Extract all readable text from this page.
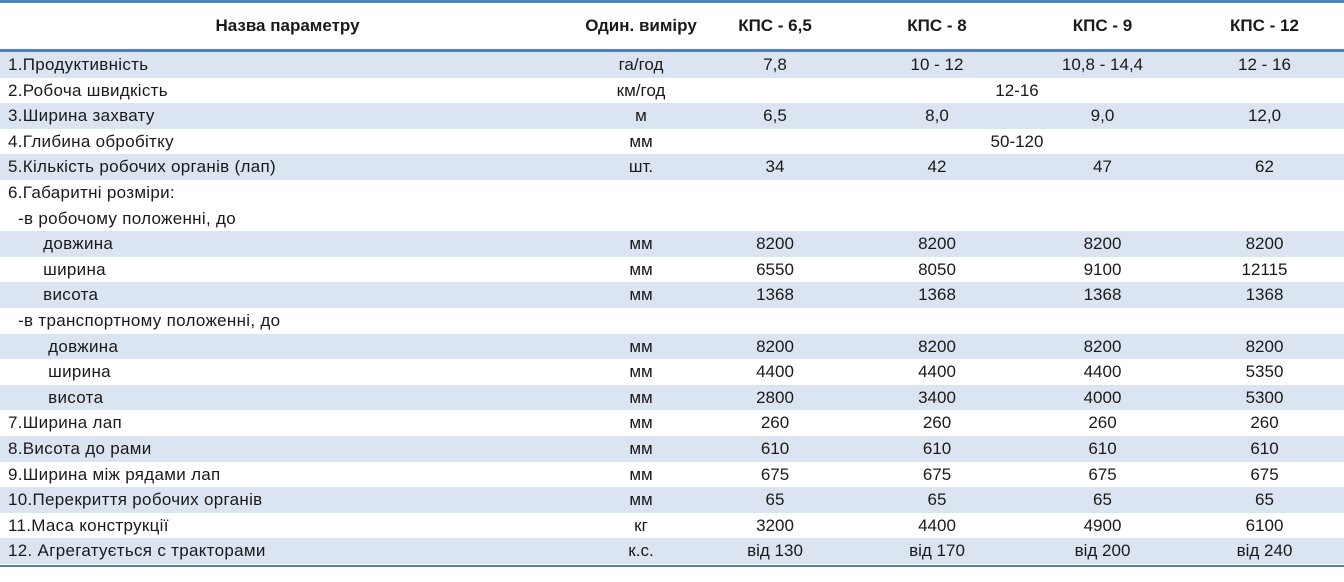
Назва параметру	Один. виміру	КПС - 6,5	КПС - 8	КПС - 9	КПС - 12
1.Продуктивність	га/год	7,8	10 - 12	10,8 - 14,4	12 - 16
2.Робоча швидкість	км/год	12-16
3.Ширина захвату	м	6,5	8,0	9,0	12,0
4.Глибина обробітку	мм	50-120
5.Кількість робочих органів (лап)	шт.	34	42	47	62
6.Габаритні розміри:
-в робочому положенні, до
довжина	мм	8200	8200	8200	8200
ширина	мм	6550	8050	9100	12115
висота	мм	1368	1368	1368	1368
-в транспортному положенні, до
довжина	мм	8200	8200	8200	8200
ширина	мм	4400	4400	4400	5350
висота	мм	2800	3400	4000	5300
7.Ширина лап	мм	260	260	260	260
8.Висота до рами	мм	610	610	610	610
9.Ширина між рядами лап	мм	675	675	675	675
10.Перекриття робочих органів	мм	65	65	65	65
11.Маса конструкції	кг	3200	4400	4900	6100
12. Агрегатується с тракторами	к.с.	від 130	від 170	від 200	від 240
